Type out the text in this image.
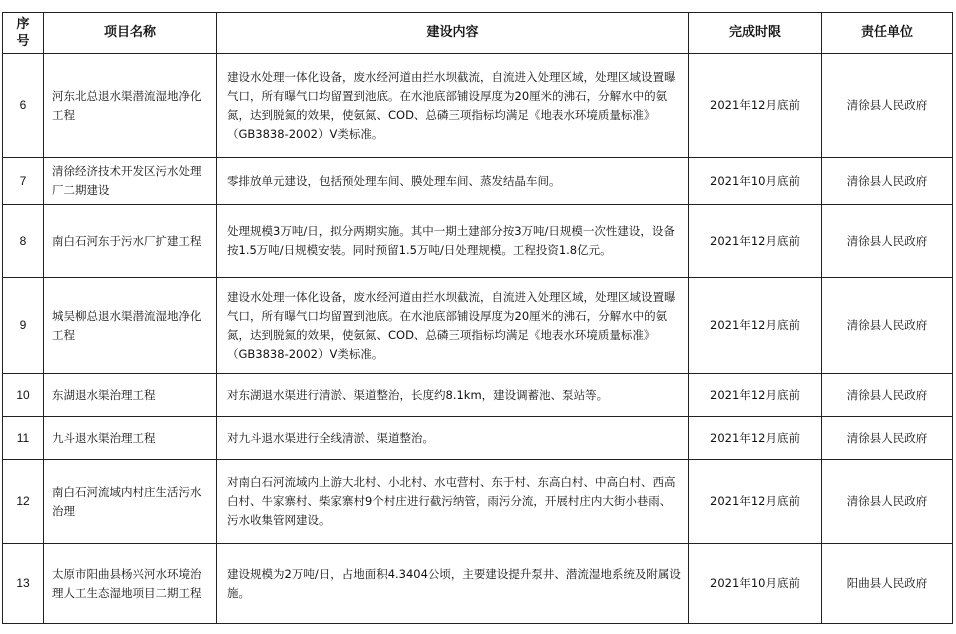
序号	项目名称	建设内容	完成时限	责任单位
6	河东北总退水渠潜流湿地净化工程	建设水处理一体化设备，废水经河道由拦水坝截流，自流进入处理区域，处理区域设置曝气口，所有曝气口均留置到池底。在水池底部铺设厚度为20厘米的沸石，分解水中的氨氮，达到脱氮的效果，使氨氮、COD、总磷三项指标均满足《地表水环境质量标准》（GB3838-2002）V类标准。	2021年12月底前	清徐县人民政府
7	清徐经济技术开发区污水处理厂二期建设	零排放单元建设，包括预处理车间、膜处理车间、蒸发结晶车间。	2021年10月底前	清徐县人民政府
8	南白石河东于污水厂扩建工程	处理规模3万吨/日，拟分两期实施。其中一期土建部分按3万吨/日规模一次性建设，设备按1.5万吨/日规模安装。同时预留1.5万吨/日处理规模。工程投资1.8亿元。	2021年12月底前	清徐县人民政府
9	城吴柳总退水渠潜流湿地净化工程	建设水处理一体化设备，废水经河道由拦水坝截流，自流进入处理区域，处理区域设置曝气口，所有曝气口均留置到池底。在水池底部铺设厚度为20厘米的沸石，分解水中的氨氮，达到脱氮的效果，使氨氮、COD、总磷三项指标均满足《地表水环境质量标准》（GB3838-2002）V类标准。	2021年12月底前	清徐县人民政府
10	东湖退水渠治理工程	对东湖退水渠进行清淤、渠道整治，长度约8.1km，建设调蓄池、泵站等。	2021年12月底前	清徐县人民政府
11	九斗退水渠治理工程	对九斗退水渠进行全线清淤、渠道整治。	2021年12月底前	清徐县人民政府
12	南白石河流域内村庄生活污水治理	对南白石河流域内上游大北村、小北村、水屯营村、东于村、东高白村、中高白村、西高白村、牛家寨村、柴家寨村9个村庄进行截污纳管，雨污分流，开展村庄内大街小巷雨、污水收集管网建设。	2021年12月底前	清徐县人民政府
13	太原市阳曲县杨兴河水环境治理人工生态湿地项目二期工程	建设规模为2万吨/日，占地面积4.3404公顷，主要建设提升泵井、潜流湿地系统及附属设施。	2021年10月底前	阳曲县人民政府
